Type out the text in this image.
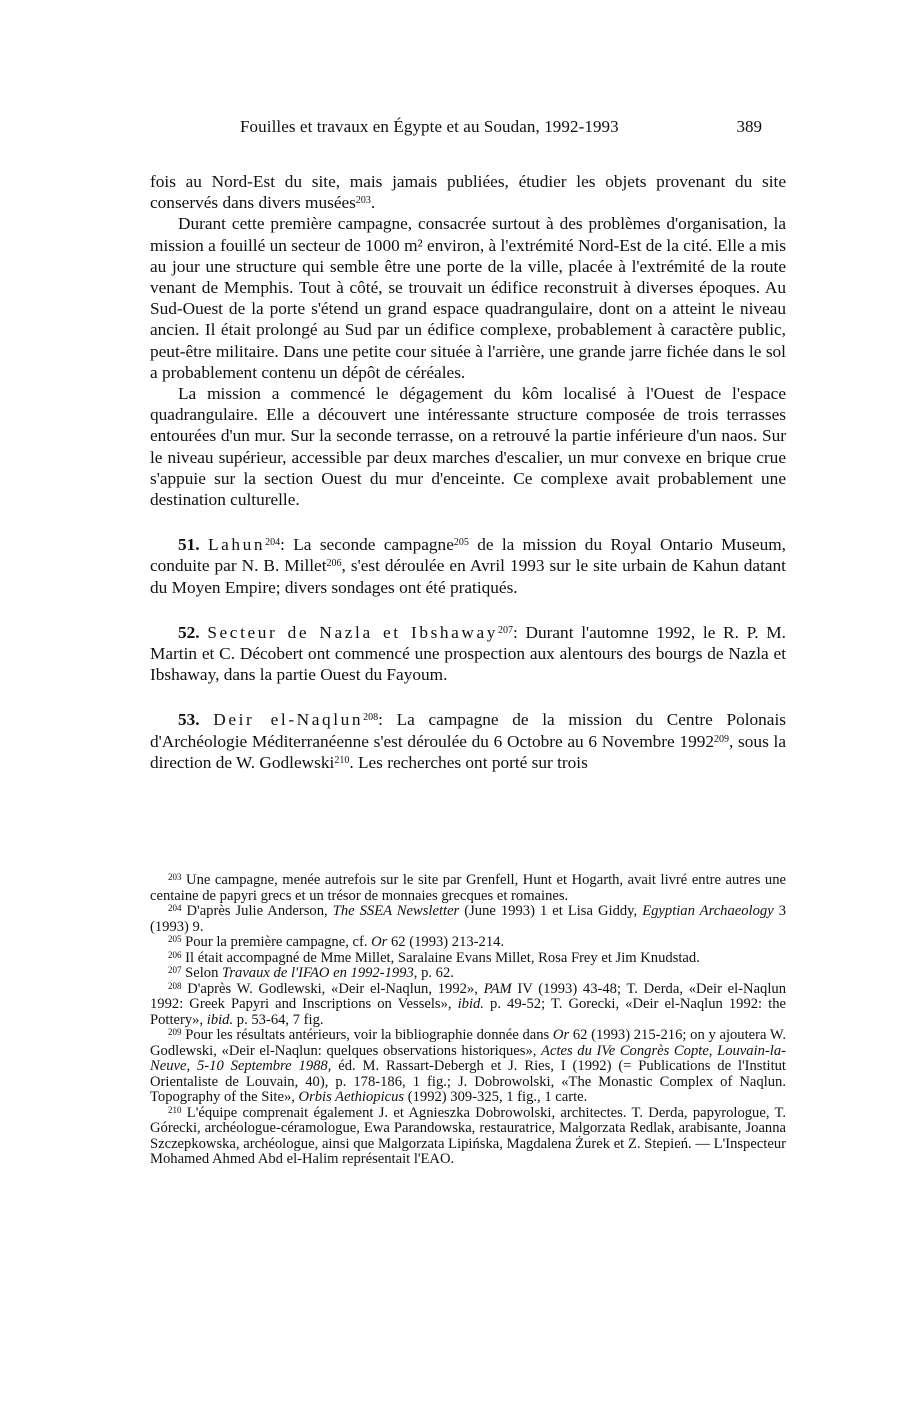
Fouilles et travaux en Égypte et au Soudan, 1992-1993	389

fois au Nord-Est du site, mais jamais publiées, étudier les objets provenant du site conservés dans divers musées$^{203}$.

Durant cette première campagne, consacrée surtout à des problèmes d'organisation, la mission a fouillé un secteur de 1000 m² environ, à l'extrémité Nord-Est de la cité. Elle a mis au jour une structure qui semble être une porte de la ville, placée à l'extrémité de la route venant de Memphis. Tout à côté, se trouvait un édifice reconstruit à diverses époques. Au Sud-Ouest de la porte s'étend un grand espace quadrangulaire, dont on a atteint le niveau ancien. Il était prolongé au Sud par un édifice complexe, probablement à caractère public, peut-être militaire. Dans une petite cour située à l'arrière, une grande jarre fichée dans le sol a probablement contenu un dépôt de céréales.

La mission a commencé le dégagement du kôm localisé à l'Ouest de l'espace quadrangulaire. Elle a découvert une intéressante structure composée de trois terrasses entourées d'un mur. Sur la seconde terrasse, on a retrouvé la partie inférieure d'un naos. Sur le niveau supérieur, accessible par deux marches d'escalier, un mur convexe en brique crue s'appuie sur la section Ouest du mur d'enceinte. Ce complexe avait probablement une destination culturelle.

51. Lahun$^{204}$: La seconde campagne$^{205}$ de la mission du Royal Ontario Museum, conduite par N. B. Millet$^{206}$, s'est déroulée en Avril 1993 sur le site urbain de Kahun datant du Moyen Empire; divers sondages ont été pratiqués.

52. Secteur de Nazla et Ibshaway$^{207}$: Durant l'automne 1992, le R. P. M. Martin et C. Décobert ont commencé une prospection aux alentours des bourgs de Nazla et Ibshaway, dans la partie Ouest du Fayoum.

53. Deir el-Naqlun$^{208}$: La campagne de la mission du Centre Polonais d'Archéologie Méditerranéenne s'est déroulée du 6 Octobre au 6 Novembre 1992$^{209}$, sous la direction de W. Godlewski$^{210}$. Les recherches ont porté sur trois

$^{203}$ Une campagne, menée autrefois sur le site par Grenfell, Hunt et Hogarth, avait livré entre autres une centaine de papyri grecs et un trésor de monnaies grecques et romaines.

$^{204}$ D'après Julie Anderson, The SSEA Newsletter (June 1993) 1 et Lisa Giddy, Egyptian Archaeology 3 (1993) 9.

$^{205}$ Pour la première campagne, cf. Or 62 (1993) 213-214.

$^{206}$ Il était accompagné de Mme Millet, Saralaine Evans Millet, Rosa Frey et Jim Knudstad.

$^{207}$ Selon Travaux de l'IFAO en 1992-1993, p. 62.

$^{208}$ D'après W. Godlewski, «Deir el-Naqlun, 1992», PAM IV (1993) 43-48; T. Derda, «Deir el-Naqlun 1992: Greek Papyri and Inscriptions on Vessels», ibid. p. 49-52; T. Gorecki, «Deir el-Naqlun 1992: the Pottery», ibid. p. 53-64, 7 fig.

$^{209}$ Pour les résultats antérieurs, voir la bibliographie donnée dans Or 62 (1993) 215-216; on y ajoutera W. Godlewski, «Deir el-Naqlun: quelques observations historiques», Actes du IVe Congrès Copte, Louvain-la-Neuve, 5-10 Septembre 1988, éd. M. Rassart-Debergh et J. Ries, I (1992) (= Publications de l'Institut Orientaliste de Louvain, 40), p. 178-186, 1 fig.; J. Dobrowolski, «The Monastic Complex of Naqlun. Topography of the Site», Orbis Aethiopicus (1992) 309-325, 1 fig., 1 carte.

$^{210}$ L'équipe comprenait également J. et Agnieszka Dobrowolski, architectes. T. Derda, papyrologue, T. Górecki, archéologue-céramologue, Ewa Parandowska, restauratrice, Malgorzata Redlak, arabisante, Joanna Szczepkowska, archéologue, ainsi que Malgorzata Lipińska, Magdalena Żurek et Z. Stepień. — L'Inspecteur Mohamed Ahmed Abd el-Halim représentait l'EAO.
